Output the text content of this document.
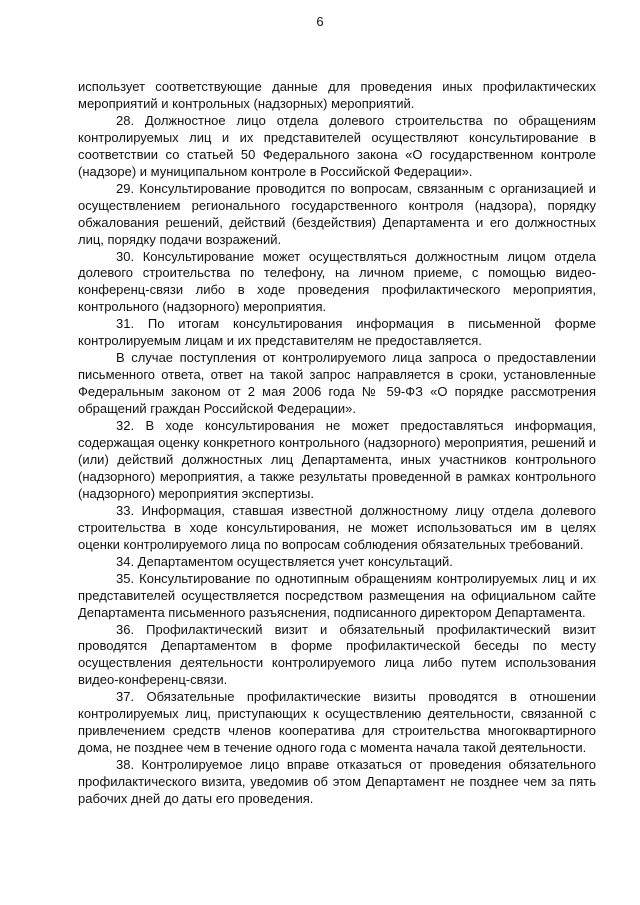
6

использует соответствующие данные для проведения иных профилактических мероприятий и контрольных (надзорных) мероприятий.

28. Должностное лицо отдела долевого строительства по обращениям контролируемых лиц и их представителей осуществляют консультирование в соответствии со статьей 50 Федерального закона «О государственном контроле (надзоре) и муниципальном контроле в Российской Федерации».

29. Консультирование проводится по вопросам, связанным с организацией и осуществлением регионального государственного контроля (надзора), порядку обжалования решений, действий (бездействия) Департамента и его должностных лиц, порядку подачи возражений.

30. Консультирование может осуществляться должностным лицом отдела долевого строительства по телефону, на личном приеме, с помощью видео-конференц-связи либо в ходе проведения профилактического мероприятия, контрольного (надзорного) мероприятия.

31. По итогам консультирования информация в письменной форме контролируемым лицам и их представителям не предоставляется.

В случае поступления от контролируемого лица запроса о предоставлении письменного ответа, ответ на такой запрос направляется в сроки, установленные Федеральным законом от 2 мая 2006 года № 59-ФЗ «О порядке рассмотрения обращений граждан Российской Федерации».

32. В ходе консультирования не может предоставляться информация, содержащая оценку конкретного контрольного (надзорного) мероприятия, решений и (или) действий должностных лиц Департамента, иных участников контрольного (надзорного) мероприятия, а также результаты проведенной в рамках контрольного (надзорного) мероприятия экспертизы.

33. Информация, ставшая известной должностному лицу отдела долевого строительства в ходе консультирования, не может использоваться им в целях оценки контролируемого лица по вопросам соблюдения обязательных требований.

34. Департаментом осуществляется учет консультаций.

35. Консультирование по однотипным обращениям контролируемых лиц и их представителей осуществляется посредством размещения на официальном сайте Департамента письменного разъяснения, подписанного директором Департамента.

36. Профилактический визит и обязательный профилактический визит проводятся Департаментом в форме профилактической беседы по месту осуществления деятельности контролируемого лица либо путем использования видео-конференц-связи.

37. Обязательные профилактические визиты проводятся в отношении контролируемых лиц, приступающих к осуществлению деятельности, связанной с привлечением средств членов кооператива для строительства многоквартирного дома, не позднее чем в течение одного года с момента начала такой деятельности.

38. Контролируемое лицо вправе отказаться от проведения обязательного профилактического визита, уведомив об этом Департамент не позднее чем за пять рабочих дней до даты его проведения.
